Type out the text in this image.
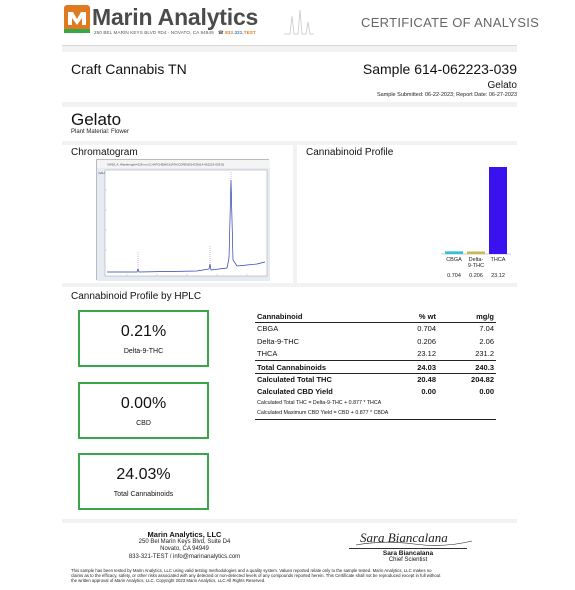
Marin Analytics
250 BEL MARIN KEYS BLVD #D4 · NOVATO, CA 94949 ☎ 833.321.TEST
CERTIFICATE OF ANALYSIS
Craft Cannabis TN	Sample 614-062223-039
Gelato
Sample Submitted: 06-22-2023; Report Date: 06-27-2023
Gelato
Plant Material: Flower
Chromatogram
VWD1 A, Wavelength=228 nm (C:\HPCHEM\1\DATA\CORE\061423\614-062223-039.D)
mAU
Cannabinoid Profile
CBGA
0.704
Delta-
9-THC
0.206
THCA
23.12
Cannabinoid Profile by HPLC
0.21%
Delta-9-THC
0.00%
CBD
24.03%
Total Cannabinoids
Cannabinoid	% wt	mg/g
CBGA	0.704	7.04
Delta-9-THC	0.206	2.06
THCA	23.12	231.2
Total Cannabinoids	24.03	240.3
Calculated Total THC	20.48	204.82
Calculated CBD Yield	0.00	0.00
Calculated Total THC = Delta-9-THC + 0.877 * THCA
Calculated Maximum CBD Yield = CBD + 0.877 * CBDA
Marin Analytics, LLC
250 Bel Marin Keys Blvd, Suite D4
Novato, CA 94949
833-321-TEST / info@marinanalytics.com
Sara Biancalana
Sara Biancalana
Chief Scientist
This sample has been tested by Marin Analytics, LLC using valid testing methodologies and a quality system. Values reported relate only to the sample tested. Marin Analytics, LLC makes no
claims as to the efficacy, safety, or other risks associated with any detected or non-detected levels of any compounds reported herein. This Certificate shall not be reproduced except in full without
the written approval of Marin Analytics, LLC. Copyright 2023 Marin Analytics, LLC All Rights Reserved.
